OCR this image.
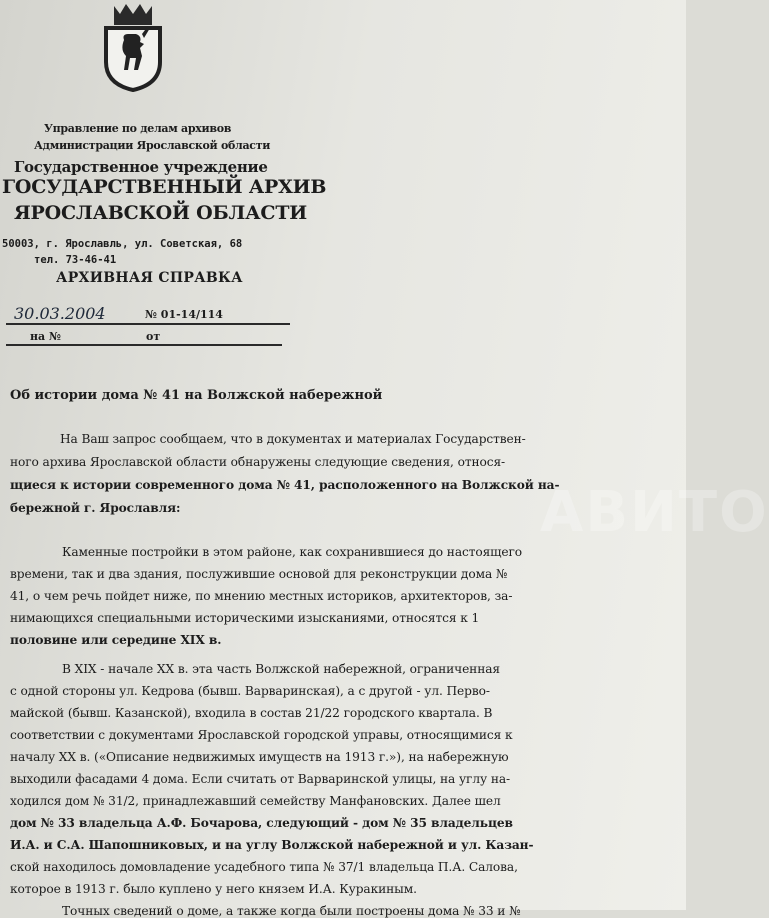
Управление по делам архивов
Администрации Ярославской области
Государственное учреждение
ГОСУДАРСТВЕННЫЙ АРХИВ
ЯРОСЛАВСКОЙ ОБЛАСТИ
50003, г. Ярославль, ул. Советская, 68
тел. 73-46-41
АРХИВНАЯ СПРАВКА
30.03.2004	№ 01-14/114
на №	от
Об истории дома № 41 на Волжской набережной
На Ваш запрос сообщаем, что в документах и материалах Государствен-
ного архива Ярославской области обнаружены следующие сведения, относя-
щиеся к истории современного дома № 41, расположенного на Волжской на-
бережной г. Ярославля:
Каменные постройки в этом районе, как сохранившиеся до настоящего
времени, так и два здания, послужившие основой для реконструкции дома №
41, о чем речь пойдет ниже, по мнению местных историков, архитекторов, за-
нимающихся специальными историческими изысканиями, относятся к 1
половине или середине XIX в.
В XIX - начале XX в. эта часть Волжской набережной, ограниченная
с одной стороны ул. Кедрова (бывш. Варваринская), а с другой - ул. Перво-
майской (бывш. Казанской), входила в состав 21/22 городского квартала. В
соответствии с документами Ярославской городской управы, относящимися к
началу XX в. («Описание недвижимых имуществ на 1913 г.»), на набережную
выходили фасадами 4 дома. Если считать от Варваринской улицы, на углу на-
ходился дом № 31/2, принадлежавший семейству Манфановских. Далее шел
дом № 33 владельца А.Ф. Бочарова, следующий - дом № 35 владельцев
И.А. и С.А. Шапошниковых, и на углу Волжской набережной и ул. Казан-
ской находилось домовладение усадебного типа № 37/1 владельца П.А. Салова,
которое в 1913 г. было куплено у него князем И.А. Куракиным.
Точных сведений о доме, а также когда были построены дома № 33 и №
АВИТО
